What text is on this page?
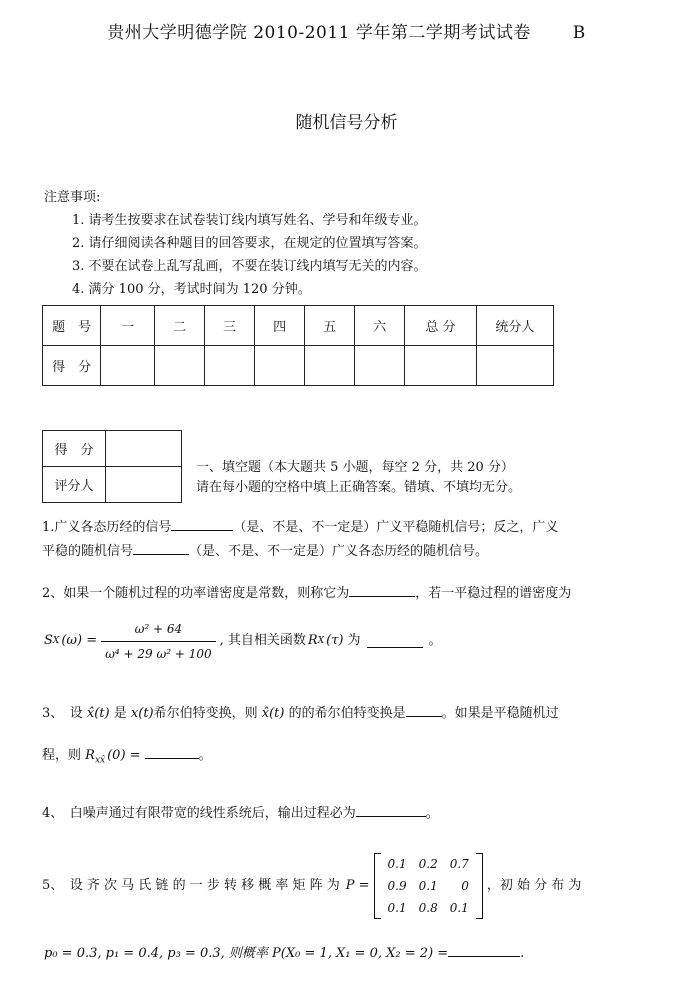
贵州大学明德学院 2010-2011 学年第二学期考试试卷 B
随机信号分析
注意事项:
1. 请考生按要求在试卷装订线内填写姓名、学号和年级专业。
2. 请仔细阅读各种题目的回答要求，在规定的位置填写答案。
3. 不要在试卷上乱写乱画，不要在装订线内填写无关的内容。
4. 满分 100 分，考试时间为 120 分钟。
题　号	一	二	三	四	五	六	总 分	统分人
得　分								
得　分	
评分人	
一、填空题（本大题共 5 小题，每空 2 分，共 20 分）
请在每小题的空格中填上正确答案。错填、不填均无分。
1.广义各态历经的信号	（是、不是、不一定是）广义平稳随机信号；反之，广义
平稳的随机信号	（是、不是、不一定是）广义各态历经的随机信号。
2、如果一个随机过程的功率谱密度是常数，则称它为	，若一平稳过程的谱密度为
S X $(\omega) = \frac{\text{ω² + 64}}{\text{ω⁴ + 29 ω² + 100}}$ , 其自相关函数 R X (τ) 为	。
3、　设 x̂(t) 是 x(t)希尔伯特变换，则 x̂(t) 的的希尔伯特变换是	。如果是平稳随机过
程，则 $R_{xx̂}$ (0) =	。
4、　白噪声通过有限带宽的线性系统后，输出过程必为	。
5、　设 齐 次 马 氏 链 的 一 步 转 移 概 率 矩 阵 为 P =
0.1	0.2	0.7
0.9	0.1	0
0.1	0.8	0.1
，初 始 分 布 为
p₀ = 0.3, p₁ = 0.4, p₃ = 0.3, 则概率 P(X₀ = 1, X₁ = 0, X₂ = 2) =	.
